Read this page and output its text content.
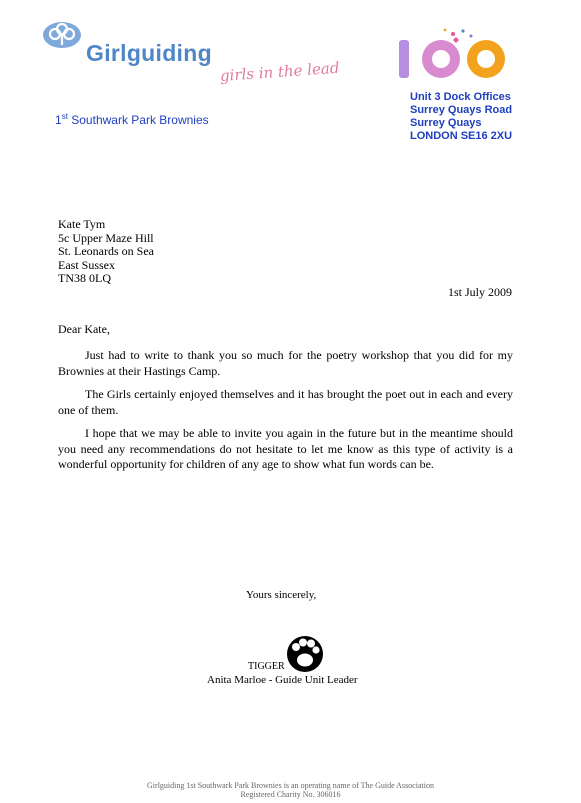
Girlguiding
girls in the lead
1st Southwark Park Brownies
Unit 3 Dock Offices
Surrey Quays Road
Surrey Quays
LONDON SE16 2XU
Kate Tym
5c Upper Maze Hill
St. Leonards on Sea
East Sussex
TN38 0LQ
1st July 2009
Dear Kate,

Just had to write to thank you so much for the poetry workshop that you did for my Brownies at their Hastings Camp.

The Girls certainly enjoyed themselves and it has brought the poet out in each and every one of them.

I hope that we may be able to invite you again in the future but in the meantime should you need any recommendations do not hesitate to let me know as this type of activity is a wonderful opportunity for children of any age to show what fun words can be.

Yours sincerely,
TIGGER
Anita Marloe - Guide Unit Leader
Girlguiding 1st Southwark Park Brownies is an operating name of The Guide Association
Registered Charity No. 306016
